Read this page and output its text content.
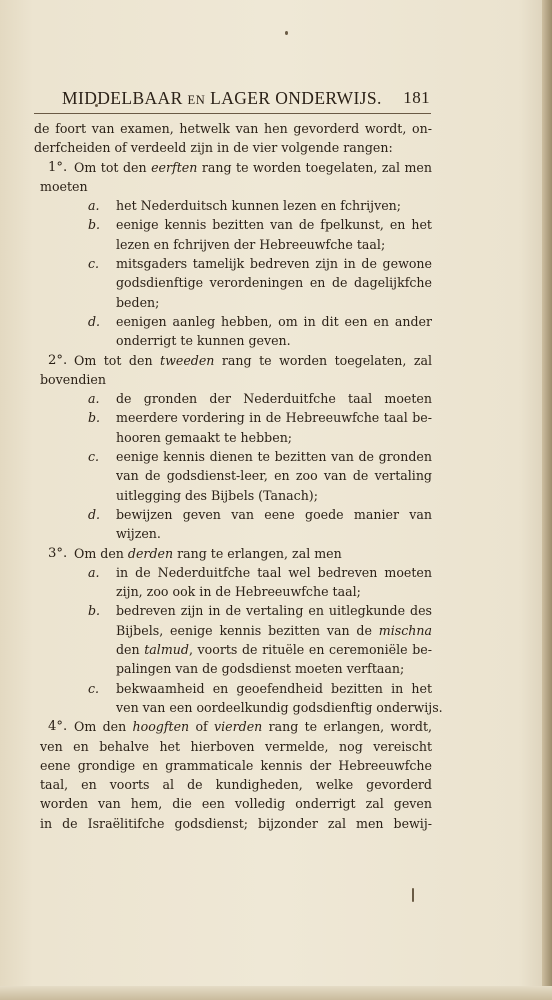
MIDDELBAAR EN LAGER ONDERWIJS. 181
de foort van examen, hetwelk van hen gevorderd wordt, on-
derfcheiden of verdeeld zijn in de vier volgende rangen:
1°. Om tot den eerften rang te worden toegelaten, zal men
moeten
a. het Nederduitsch kunnen lezen en fchrijven;
b. eenige kennis bezitten van de fpelkunst, en het
lezen en fchrijven der Hebreeuwfche taal;
c. mitsgaders tamelijk bedreven zijn in de gewone
godsdienftige verordeningen en de dagelijkfche
beden;
d. eenigen aanleg hebben, om in dit een en ander
onderrigt te kunnen geven.
2°. Om tot den tweeden rang te worden toegelaten, zal
bovendien
a. de gronden der Nederduitfche taal moeten
b. meerdere vordering in de Hebreeuwfche taal be-
hooren gemaakt te hebben;
c. eenige kennis dienen te bezitten van de gronden
van de godsdienst-leer, en zoo van de vertaling
uitlegging des Bijbels (Tanach);
d. bewijzen geven van eene goede manier van
wijzen.
3°. Om den derden rang te erlangen, zal men
a. in de Nederduitfche taal wel bedreven moeten
zijn, zoo ook in de Hebreeuwfche taal;
b. bedreven zijn in de vertaling en uitlegkunde des
Bijbels, eenige kennis bezitten van de mischna
den talmud, voorts de rituële en ceremoniële be-
palingen van de godsdienst moeten verftaan;
c. bekwaamheid en geoefendheid bezitten in het
ven van een oordeelkundig godsdienftig onderwijs.
4°. Om den hoogften of vierden rang te erlangen, wordt,
ven en behalve het hierboven vermelde, nog vereischt
eene grondige en grammaticale kennis der Hebreeuwfche
taal, en voorts al de kundigheden, welke gevorderd
worden van hem, die een volledig onderrigt zal geven
in de Israëlitifche godsdienst; bijzonder zal men bewij-
